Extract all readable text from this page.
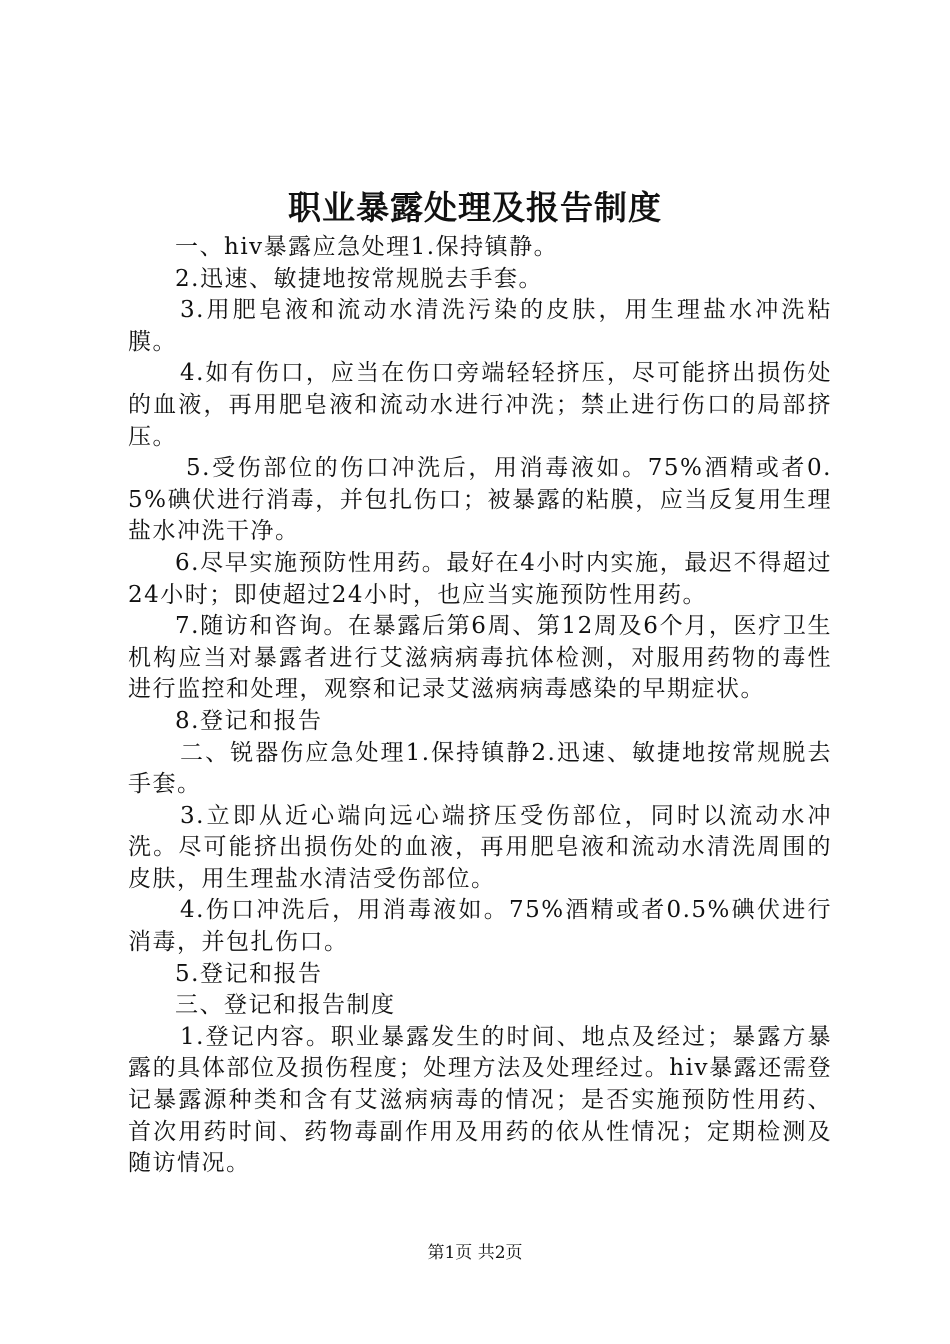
职业暴露处理及报告制度

一、hiv暴露应急处理1.保持镇静。

2.迅速、敏捷地按常规脱去手套。

3.用肥皂液和流动水清洗污染的皮肤，用生理盐水冲洗粘膜。

4.如有伤口，应当在伤口旁端轻轻挤压，尽可能挤出损伤处的血液，再用肥皂液和流动水进行冲洗；禁止进行伤口的局部挤压。

5.受伤部位的伤口冲洗后，用消毒液如。75%酒精或者0.5%碘伏进行消毒，并包扎伤口；被暴露的粘膜，应当反复用生理盐水冲洗干净。

6.尽早实施预防性用药。最好在4小时内实施，最迟不得超过24小时；即使超过24小时，也应当实施预防性用药。

7.随访和咨询。在暴露后第6周、第12周及6个月，医疗卫生机构应当对暴露者进行艾滋病病毒抗体检测，对服用药物的毒性进行监控和处理，观察和记录艾滋病病毒感染的早期症状。

8.登记和报告

二、锐器伤应急处理1.保持镇静2.迅速、敏捷地按常规脱去手套。

3.立即从近心端向远心端挤压受伤部位，同时以流动水冲洗。尽可能挤出损伤处的血液，再用肥皂液和流动水清洗周围的皮肤，用生理盐水清洁受伤部位。

4.伤口冲洗后，用消毒液如。75%酒精或者0.5%碘伏进行消毒，并包扎伤口。

5.登记和报告

三、登记和报告制度

1.登记内容。职业暴露发生的时间、地点及经过；暴露方暴露的具体部位及损伤程度；处理方法及处理经过。hiv暴露还需登记暴露源种类和含有艾滋病病毒的情况；是否实施预防性用药、首次用药时间、药物毒副作用及用药的依从性情况；定期检测及随访情况。

第1页 共2页
